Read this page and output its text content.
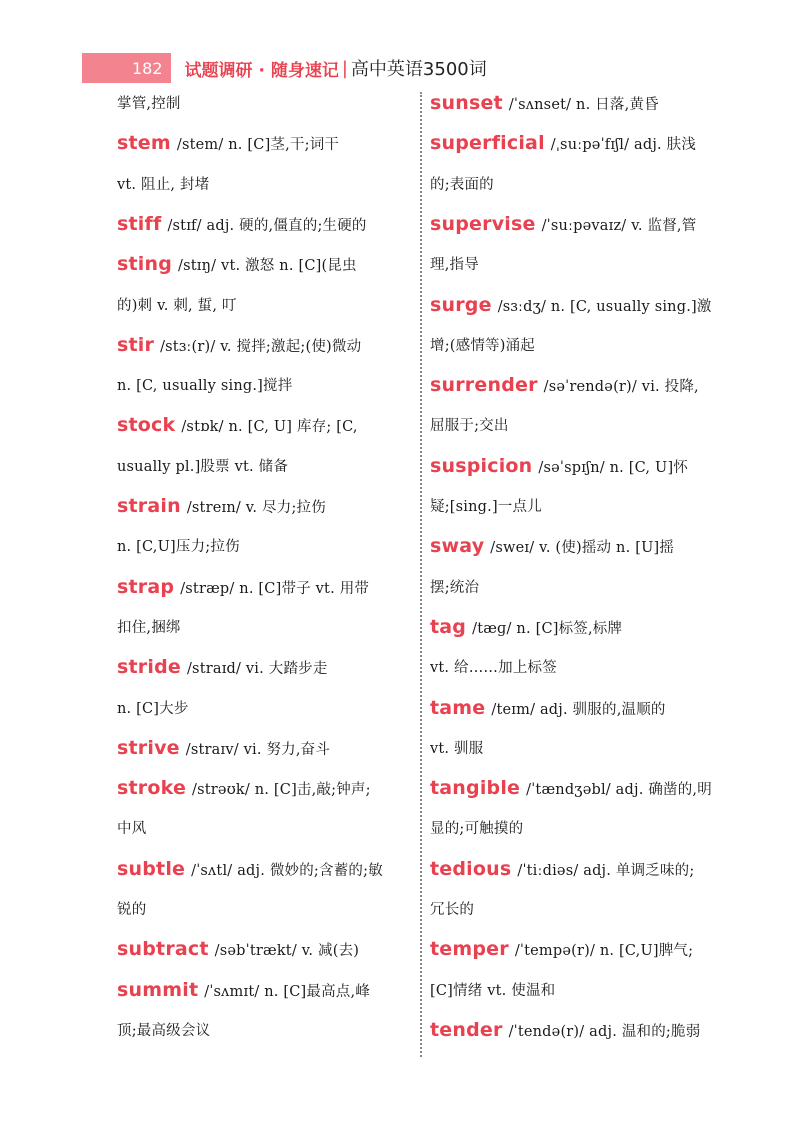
182	试题调研 · 随身速记 | 高中英语3500词
掌管,控制
stem /stem/ n. [C]茎,干;词干
vt. 阻止, 封堵
stiff /stɪf/ adj. 硬的,僵直的;生硬的
sting /stɪŋ/ vt. 激怒 n. [C](昆虫
的)刺 v. 刺, 蜇, 叮
stir /stɜː(r)/ v. 搅拌;激起;(使)微动
n. [C, usually sing.]搅拌
stock /stɒk/ n. [C, U] 库存; [C,
usually pl.]股票 vt. 储备
strain /streɪn/ v. 尽力;拉伤
n. [C,U]压力;拉伤
strap /stræp/ n. [C]带子 vt. 用带
扣住,捆绑
stride /straɪd/ vi. 大踏步走
n. [C]大步
strive /straɪv/ vi. 努力,奋斗
stroke /strəʊk/ n. [C]击,敲;钟声;
中风
subtle /ˈsʌtl/ adj. 微妙的;含蓄的;敏
锐的
subtract /səbˈtrækt/ v. 减(去)
summit /ˈsʌmɪt/ n. [C]最高点,峰
顶;最高级会议
sunset /ˈsʌnset/ n. 日落,黄昏
superficial /ˌsuːpəˈfɪʃl/ adj. 肤浅
的;表面的
supervise /ˈsuːpəvaɪz/ v. 监督,管
理,指导
surge /sɜːdʒ/ n. [C, usually sing.]激
增;(感情等)涌起
surrender /səˈrendə(r)/ vi. 投降,
屈服于;交出
suspicion /səˈspɪʃn/ n. [C, U]怀
疑;[sing.]一点儿
sway /sweɪ/ v. (使)摇动 n. [U]摇
摆;统治
tag /tæɡ/ n. [C]标签,标牌
vt. 给……加上标签
tame /teɪm/ adj. 驯服的,温顺的
vt. 驯服
tangible /ˈtændʒəbl/ adj. 确凿的,明
显的;可触摸的
tedious /ˈtiːdiəs/ adj. 单调乏味的;
冗长的
temper /ˈtempə(r)/ n. [C,U]脾气;
[C]情绪 vt. 使温和
tender /ˈtendə(r)/ adj. 温和的;脆弱
